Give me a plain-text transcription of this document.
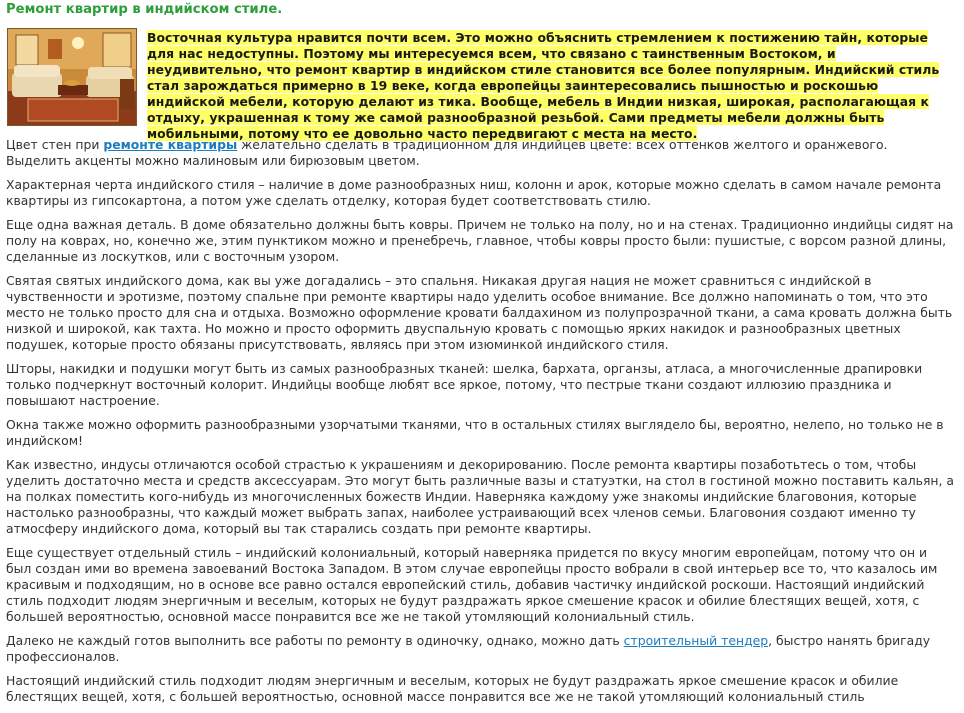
Ремонт квартир в индийском стиле.

Восточная культура нравится почти всем. Это можно объяснить стремлением к постижению тайн, которые для нас недоступны. Поэтому мы интересуемся всем, что связано с таинственным Востоком, и неудивительно, что ремонт квартир в индийском стиле становится все более популярным. Индийский стиль стал зарождаться примерно в 19 веке, когда европейцы заинтересовались пышностью и роскошью индийской мебели, которую делают из тика. Вообще, мебель в Индии низкая, широкая, располагающая к отдыху, украшенная к тому же самой разнообразной резьбой. Сами предметы мебели должны быть мобильными, потому что ее довольно часто передвигают с места на место.

Цвет стен при ремонте квартиры желательно сделать в традиционном для индийцев цвете: всех оттенков желтого и оранжевого. Выделить акценты можно малиновым или бирюзовым цветом.

Характерная черта индийского стиля – наличие в доме разнообразных ниш, колонн и арок, которые можно сделать в самом начале ремонта квартиры из гипсокартона, а потом уже сделать отделку, которая будет соответствовать стилю.

Еще одна важная деталь. В доме обязательно должны быть ковры. Причем не только на полу, но и на стенах. Традиционно индийцы сидят на полу на коврах, но, конечно же, этим пунктиком можно и пренебречь, главное, чтобы ковры просто были: пушистые, с ворсом разной длины, сделанные из лоскутков, или с восточным узором.

Святая святых индийского дома, как вы уже догадались – это спальня. Никакая другая нация не может сравниться с индийской в чувственности и эротизме, поэтому спальне при ремонте квартиры надо уделить особое внимание. Все должно напоминать о том, что это место не только просто для сна и отдыха. Возможно оформление кровати балдахином из полупрозрачной ткани, а сама кровать должна быть низкой и широкой, как тахта. Но можно и просто оформить двуспальную кровать с помощью ярких накидок и разнообразных цветных подушек, которые просто обязаны присутствовать, являясь при этом изюминкой индийского стиля.

Шторы, накидки и подушки могут быть из самых разнообразных тканей: шелка, бархата, органзы, атласа, а многочисленные драпировки только подчеркнут восточный колорит. Индийцы вообще любят все яркое, потому, что пестрые ткани создают иллюзию праздника и повышают настроение.

Окна также можно оформить разнообразными узорчатыми тканями, что в остальных стилях выглядело бы, вероятно, нелепо, но только не в индийском!

Как известно, индусы отличаются особой страстью к украшениям и декорированию. После ремонта квартиры позаботьтесь о том, чтобы уделить достаточно места и средств аксессуарам. Это могут быть различные вазы и статуэтки, на стол в гостиной можно поставить кальян, а на полках поместить кого-нибудь из многочисленных божеств Индии. Наверняка каждому уже знакомы индийские благовония, которые настолько разнообразны, что каждый может выбрать запах, наиболее устраивающий всех членов семьи. Благовония создают именно ту атмосферу индийского дома, который вы так старались создать при ремонте квартиры.

Еще существует отдельный стиль – индийский колониальный, который наверняка придется по вкусу многим европейцам, потому что он и был создан ими во времена завоеваний Востока Западом. В этом случае европейцы просто вобрали в свой интерьер все то, что казалось им красивым и подходящим, но в основе все равно остался европейский стиль, добавив частичку индийской роскоши. Настоящий индийский стиль подходит людям энергичным и веселым, которых не будут раздражать яркое смешение красок и обилие блестящих вещей, хотя, с большей вероятностью, основной массе понравится все же не такой утомляющий колониальный стиль.

Далеко не каждый готов выполнить все работы по ремонту в одиночку, однако, можно дать строительный тендер, быстро нанять бригаду профессионалов.

Настоящий индийский стиль подходит людям энергичным и веселым, которых не будут раздражать яркое смешение красок и обилие блестящих вещей, хотя, с большей вероятностью, основной массе понравится все же не такой утомляющий колониальный стиль
